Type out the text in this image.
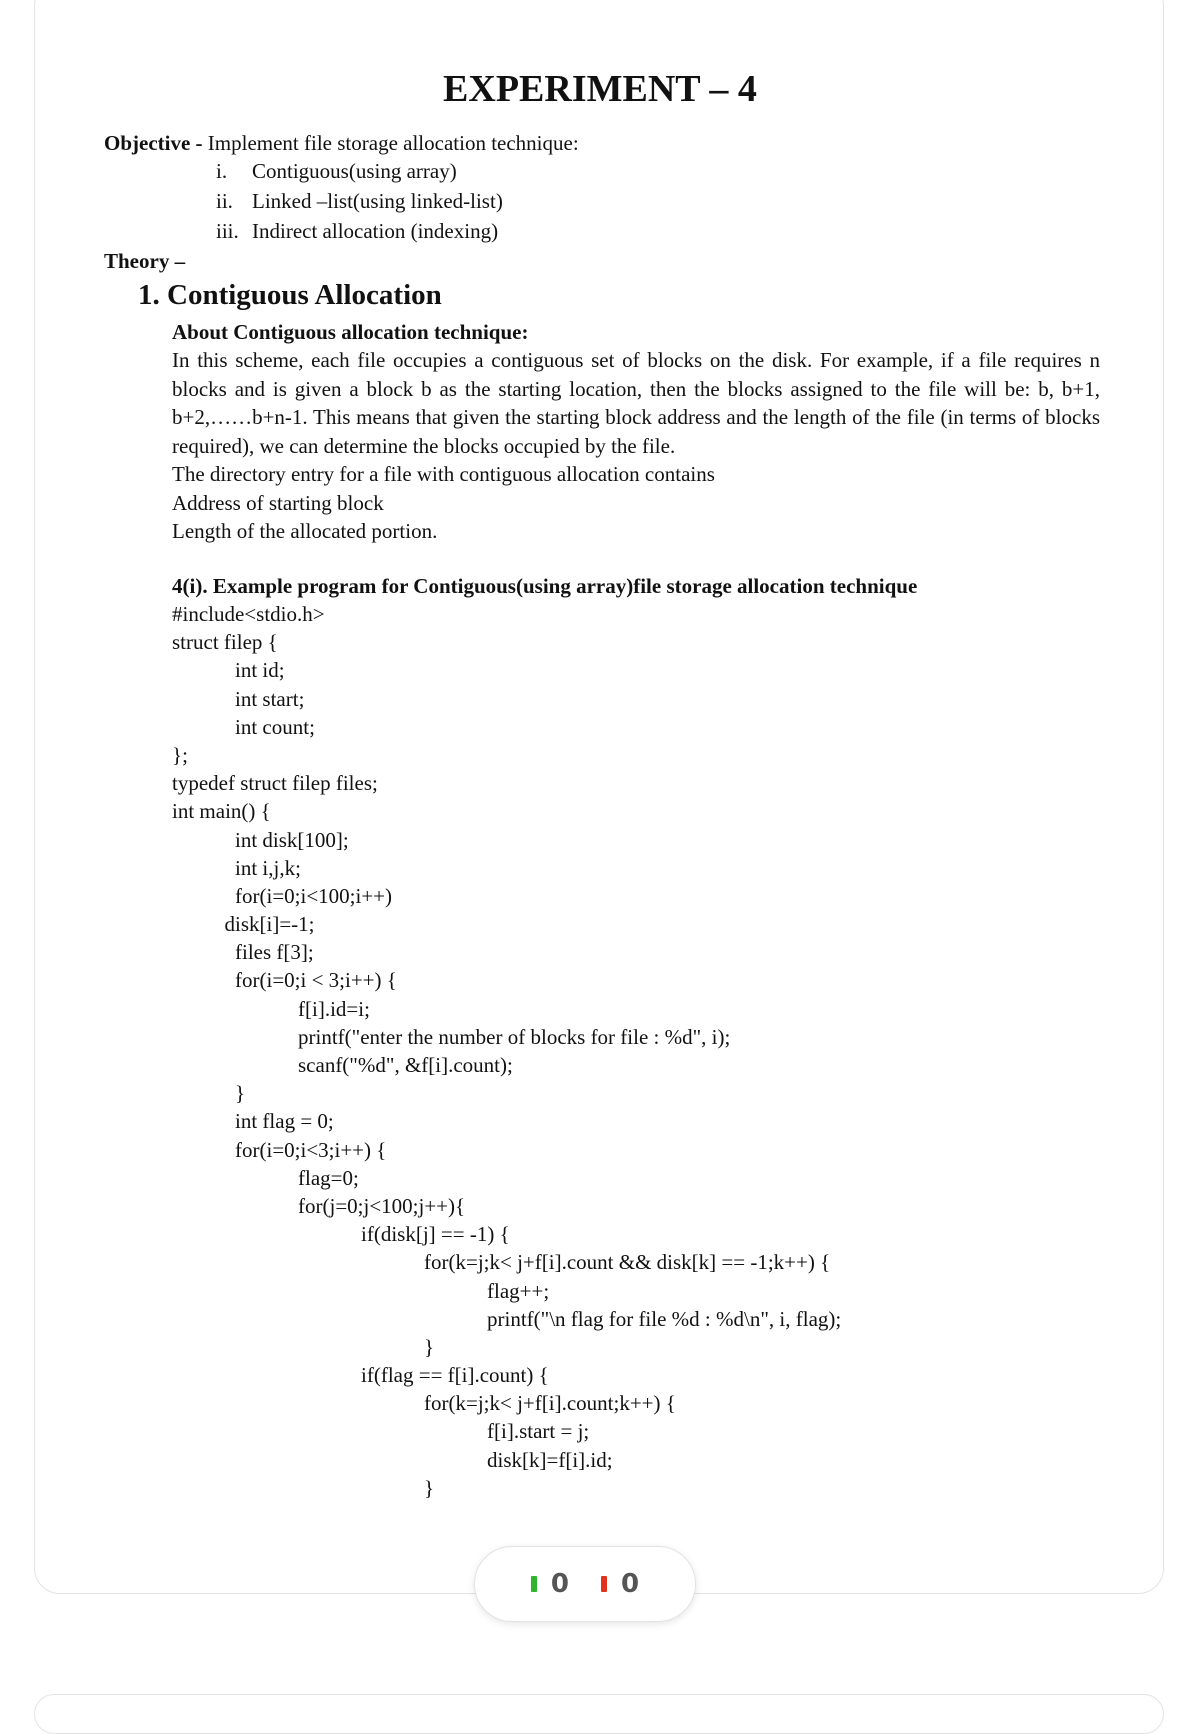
EXPERIMENT – 4

Objective - Implement file storage allocation technique:

i.	Contiguous(using array)
ii. Linked –list(using linked-list)
iii. Indirect allocation (indexing)

Theory –

1. Contiguous Allocation
About Contiguous allocation technique:

In this scheme, each file occupies a contiguous set of blocks on the disk. For example, if a file requires n blocks and is given a block b as the starting location, then the blocks assigned to the file will be: b, b+1, b+2,……b+n-1. This means that given the starting block address and the length of the file (in terms of blocks required), we can determine the blocks occupied by the file.

The directory entry for a file with contiguous allocation contains

Address of starting block

Length of the allocated portion.

4(i). Example program for Contiguous(using array)file storage allocation technique
#include<stdio.h>
struct filep {
int id;
int start;
int count;
};
typedef struct filep files;
int main() {
int disk[100];
int i,j,k;
for(i=0;i<100;i++)
disk[i]=-1;
files f[3];
for(i=0;i < 3;i++) {
f[i].id=i;
printf("enter the number of blocks for file : %d", i);
scanf("%d", &f[i].count);
}
int flag = 0;
for(i=0;i<3;i++) {
flag=0;
for(j=0;j<100;j++){
if(disk[j] == -1) {
for(k=j;k< j+f[i].count && disk[k] == -1;k++) {
flag++;
printf("\n flag for file %d : %d\n", i, flag);
}
if(flag == f[i].count) {
for(k=j;k< j+f[i].count;k++) {
f[i].start = j;
disk[k]=f[i].id;
}
0 0
